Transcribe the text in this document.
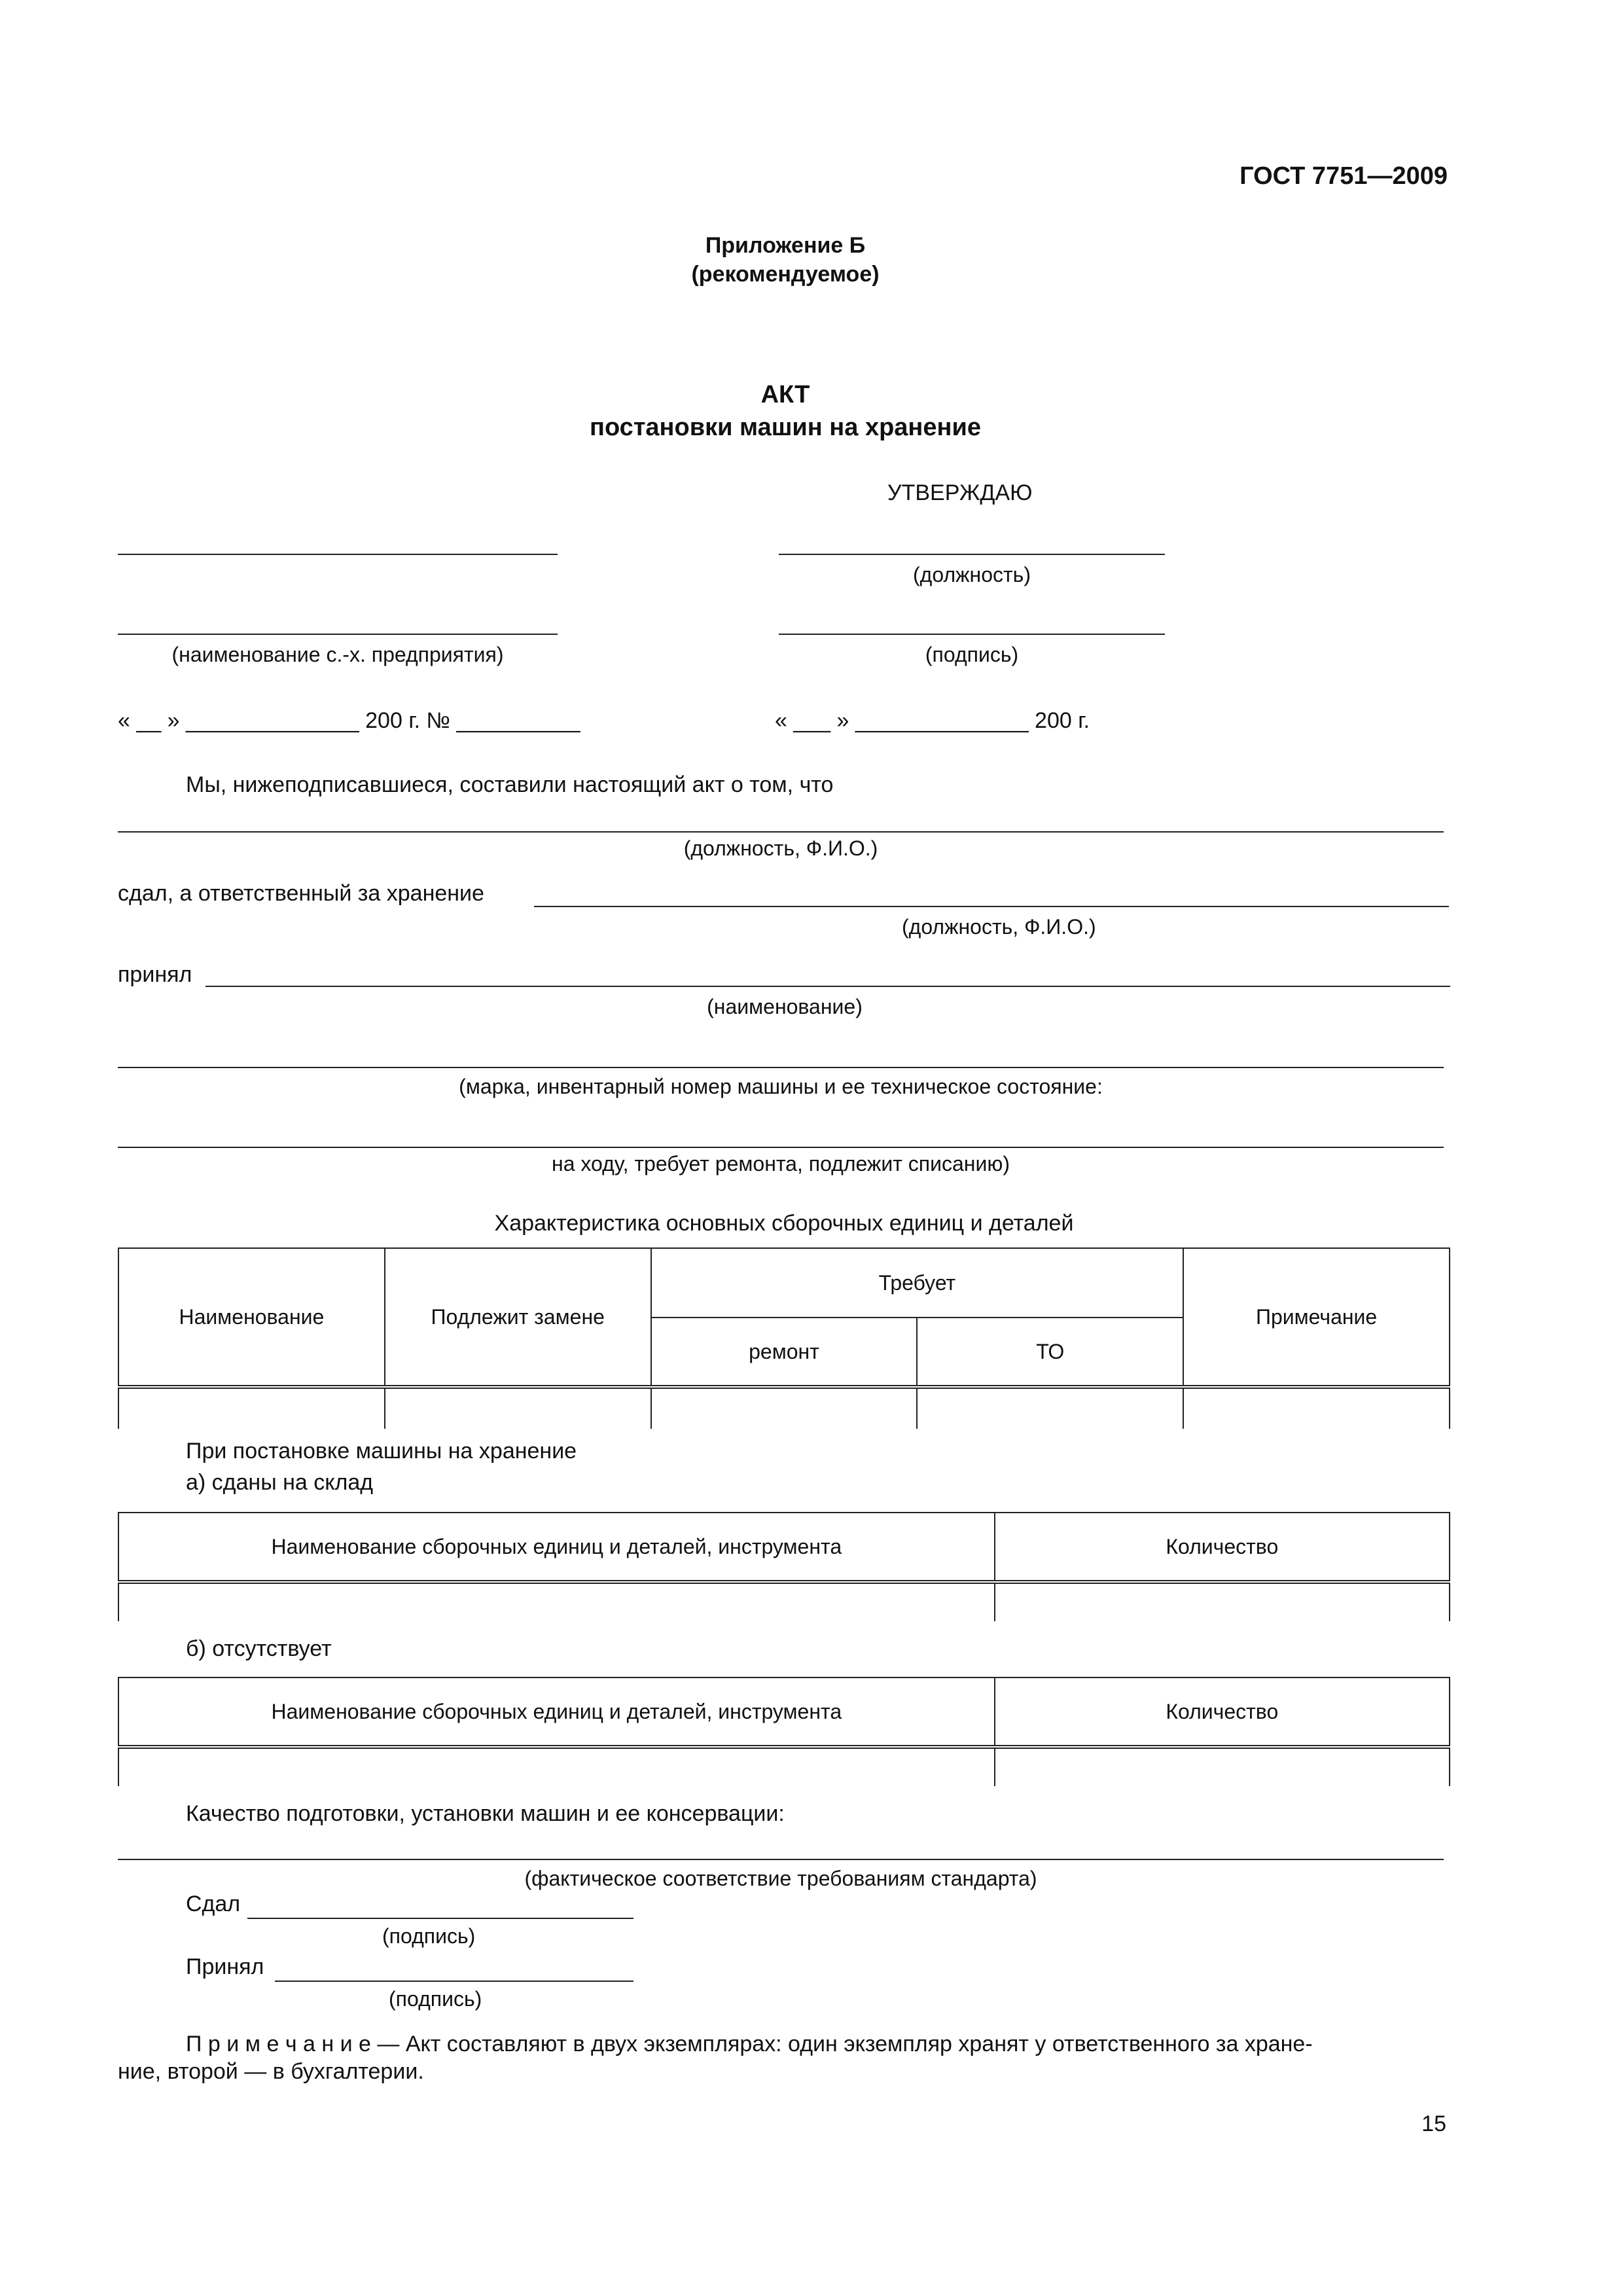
ГОСТ 7751—2009
Приложение Б
(рекомендуемое)
АКТ
постановки машин на хранение
УТВЕРЖДАЮ
(должность)
(наименование с.-х. предприятия)	(подпись)
« __ » ______________ 200 г. № __________	« ___ » ______________ 200 г.
Мы, нижеподписавшиеся, составили настоящий акт о том, что
(должность, Ф.И.О.)
сдал, а ответственный за хранение
(должность, Ф.И.О.)
принял
(наименование)
(марка, инвентарный номер машины и ее техническое состояние:
на ходу, требует ремонта, подлежит списанию)
Характеристика основных сборочных единиц и деталей
Наименование	Подлежит замене	Требует		Примечание
		ремонт	ТО	

При постановке машины на хранение
а) сданы на склад
Наименование сборочных единиц и деталей, инструмента	Количество

б) отсутствует
Наименование сборочных единиц и деталей, инструмента	Количество

Качество подготовки, установки машин и ее консервации:
(фактическое соответствие требованиям стандарта)
Сдал
(подпись)
Принял
(подпись)
П р и м е ч а н и е — Акт составляют в двух экземплярах: один экземпляр хранят у ответственного за хране-
ние, второй — в бухгалтерии.
15
